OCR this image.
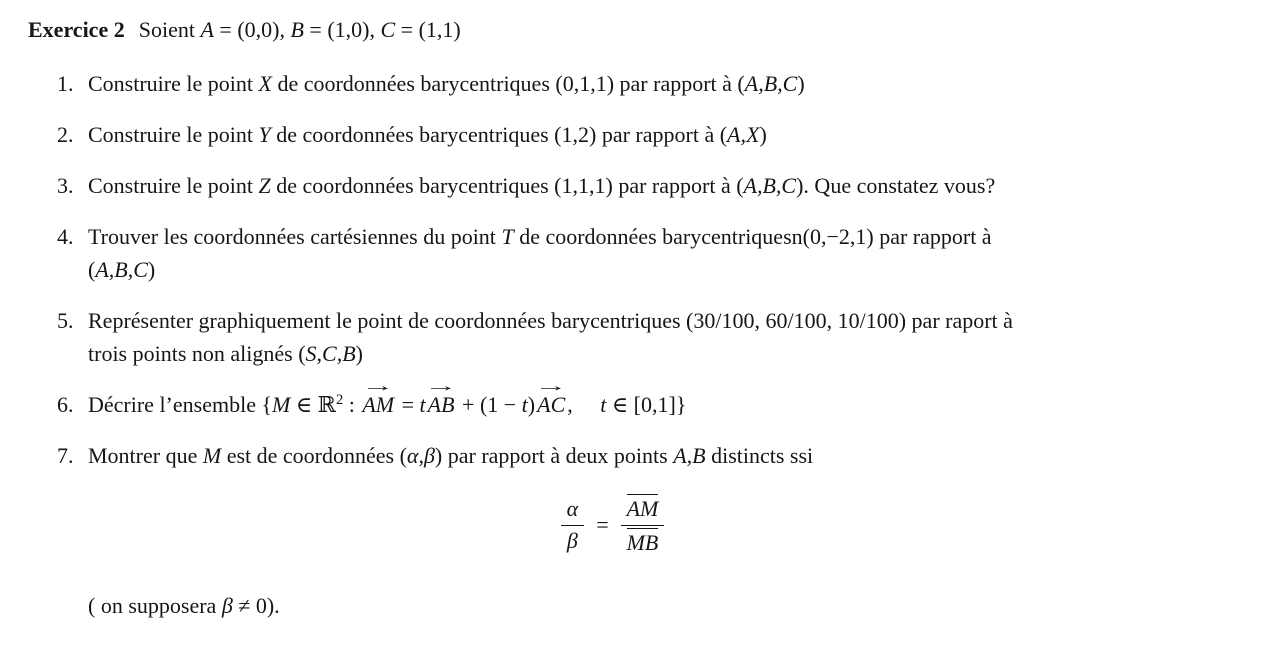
Exercice 2 Soient A = (0,0), B = (1,0), C = (1,1)

1. Construire le point X de coordonnées barycentriques (0,1,1) par rapport à (A,B,C)
2. Construire le point Y de coordonnées barycentriques (1,2) par rapport à (A,X)
3. Construire le point Z de coordonnées barycentriques (1,1,1) par rapport à (A,B,C). Que constatez vous?
4. Trouver les coordonnées cartésiennes du point T de coordonnées barycentriquesn(0,−2,1) par rapport à
(A,B,C)
5. Représenter graphiquement le point de coordonnées barycentriques (30/100, 60/100, 10/100) par raport à
trois points non alignés (S,C,B)
6. Décrire l’ensemble {M ∈ ℝ$^2$ :
→
AM = t
→
AB + (1 − t)
→
AC,  t ∈ [0,1]}
7. Montrer que M est de coordonnées (α,β) par rapport à deux points A,B distincts ssi
$\frac{\alpha}{\beta} = \frac{AM}{MB}$

( on supposera β ≠ 0).
